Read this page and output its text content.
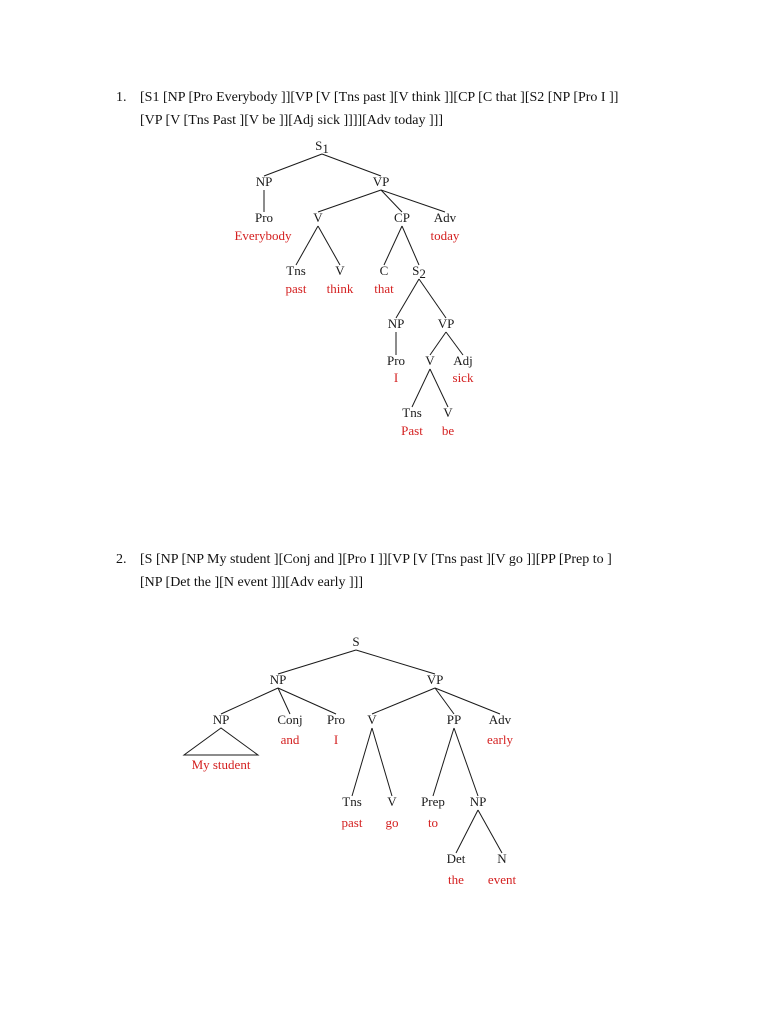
1. [S1 [NP [Pro Everybody ]][VP [V [Tns past ][V think ]][CP [C that ][S2 [NP [Pro I ]]
[VP [V [Tns Past ][V be ]][Adj sick ]]]][Adv today ]]]
S1
NP	VP
Pro	V	CP Adv
Everybody	today
Tns V	C S2
past think that
NP	VP
Pro V Adj
I	sick
Tns V
Past be
2. [S [NP [NP My student ][Conj and ][Pro I ]][VP [V [Tns past ][V go ]][PP [Prep to ]
[NP [Det the ][N event ]]][Adv early ]]]
S
NP	VP
NP	Conj Pro V	PP Adv
My student
and	I	early
Tns V Prep NP
past go to
Det N
the event
